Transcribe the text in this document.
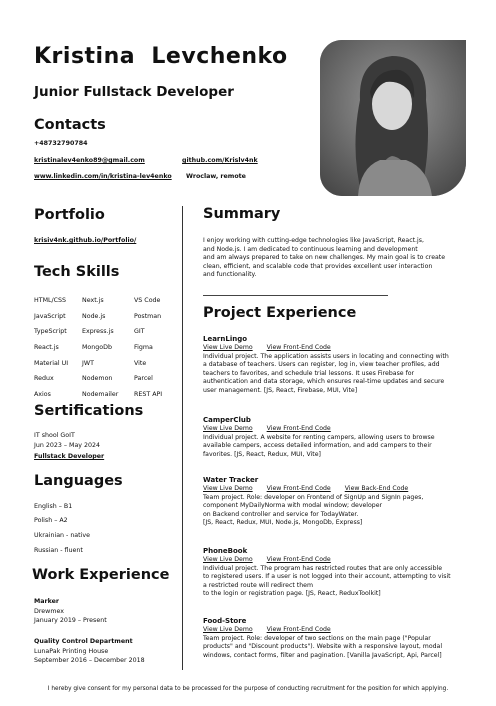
Kristina  Levchenko
Junior Fullstack Developer
Contacts
+48732790784
kristinalev4enko89@gmail.com	github.com/Krislv4nk
www.linkedin.com/in/kristina-lev4enko Wroclaw, remote
Portfolio
krisiv4nk.github.io/Portfolio/
Tech Skills
HTML/CSS	Next.js	VS Code
JavaScript	Node.js	Postman
TypeScript	Express.js	GIT
React.js	MongoDb	Figma
Material UI	JWT	Vite
Redux	Nodemon	Parcel
Axios	Nodemailer	REST API
Sertifications
IT shool GoIT
Jun 2023 – May 2024
Fullstack Developer
Languages
English – B1
Polish – A2
Ukrainian - native
Russian - fluent
Work Experience
Marker
Drewmex
January 2019 – Present
Quality Control Department
LunaPak Printing House
September 2016 – December 2018
Summary
I enjoy working with cutting-edge technologies like JavaScript, React.js,
and Node.js. I am dedicated to continuous learning and development
and am always prepared to take on new challenges. My main goal is to create
clean, efficient, and scalable code that provides excellent user interaction
and functionality.
Project Experience
LearnLingo
View Live Demo View Front-End Code
Individual project. The application assists users in locating and connecting with
a database of teachers. Users can register, log in, view teacher profiles, add
teachers to favorites, and schedule trial lessons. It uses Firebase for
authentication and data storage, which ensures real-time updates and secure
user management. [JS, React, Firebase, MUI, Vite]
CamperClub
View Live Demo View Front-End Code
Individual project. A website for renting campers, allowing users to browse
available campers, access detailed information, and add campers to their
favorites. [JS, React, Redux, MUI, Vite]
Water Tracker
View Live Demo View Front-End Code View Back-End Code
Team project. Role: developer on Frontend of SignUp and SignIn pages,
component MyDailyNorma with modal window; developer
on Backend controller and service for TodayWater.
[JS, React, Redux, MUI, Node.js, MongoDb, Express]
PhoneBook
View Live Demo View Front-End Code
Individual project. The program has restricted routes that are only accessible
to registered users. If a user is not logged into their account, attempting to visit
a restricted route will redirect them
to the login or registration page. [JS, React, ReduxToolkit]
Food-Store
View Live Demo View Front-End Code
Team project. Role: developer of two sections on the main page ("Popular
products" and "Discount products"). Website with a responsive layout, modal
windows, contact forms, filter and pagination. [Vanilla JavaScript, Api, Parcel]
I hereby give consent for my personal data to be processed for the purpose of conducting recruitment for the position for which applying.
